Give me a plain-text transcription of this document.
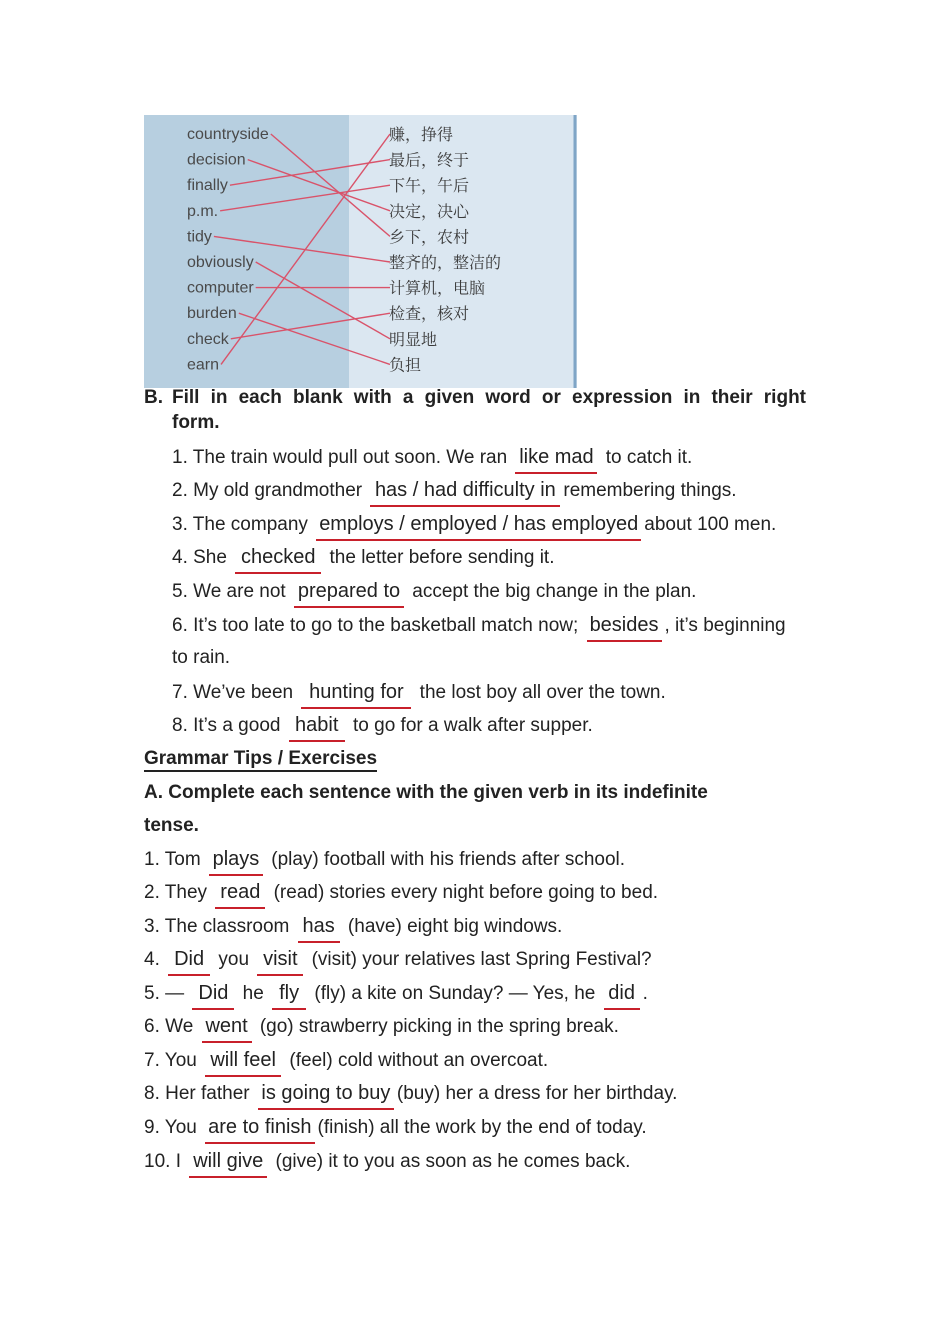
countryside
decision
finally
p.m.
tidy
obviously
computer
burden
check
earn
赚，挣得
最后，终于
下午，午后
决定，决心
乡下，农村
整齐的，整洁的
计算机，电脑
检查，核对
明显地
负担
B. Fill in each blank with a given word or expression in their right
form.
1. The train would pull out soon. We ran like mad to catch it.
2. My old grandmother has / had difficulty in remembering things.
3. The company employs / employed / has employed about 100 men.
4. She checked the letter before sending it.
5. We are not prepared to accept the big change in the plan.
6. It’s too late to go to the basketball match now; besides , it’s beginning
to rain.
7. We’ve been hunting for the lost boy all over the town.
8. It’s a good habit to go for a walk after supper.
Grammar Tips / Exercises
A. Complete each sentence with the given verb in its indefinite
tense.
1. Tom plays (play) football with his friends after school.
2. They read (read) stories every night before going to bed.
3. The classroom has (have) eight big windows.
4. Did you visit (visit) your relatives last Spring Festival?
5. — Did he fly (fly) a kite on Sunday? — Yes, he did .
6. We went (go) strawberry picking in the spring break.
7. You will feel (feel) cold without an overcoat.
8. Her father is going to buy (buy) her a dress for her birthday.
9. You are to finish (finish) all the work by the end of today.
10. I will give (give) it to you as soon as he comes back.
